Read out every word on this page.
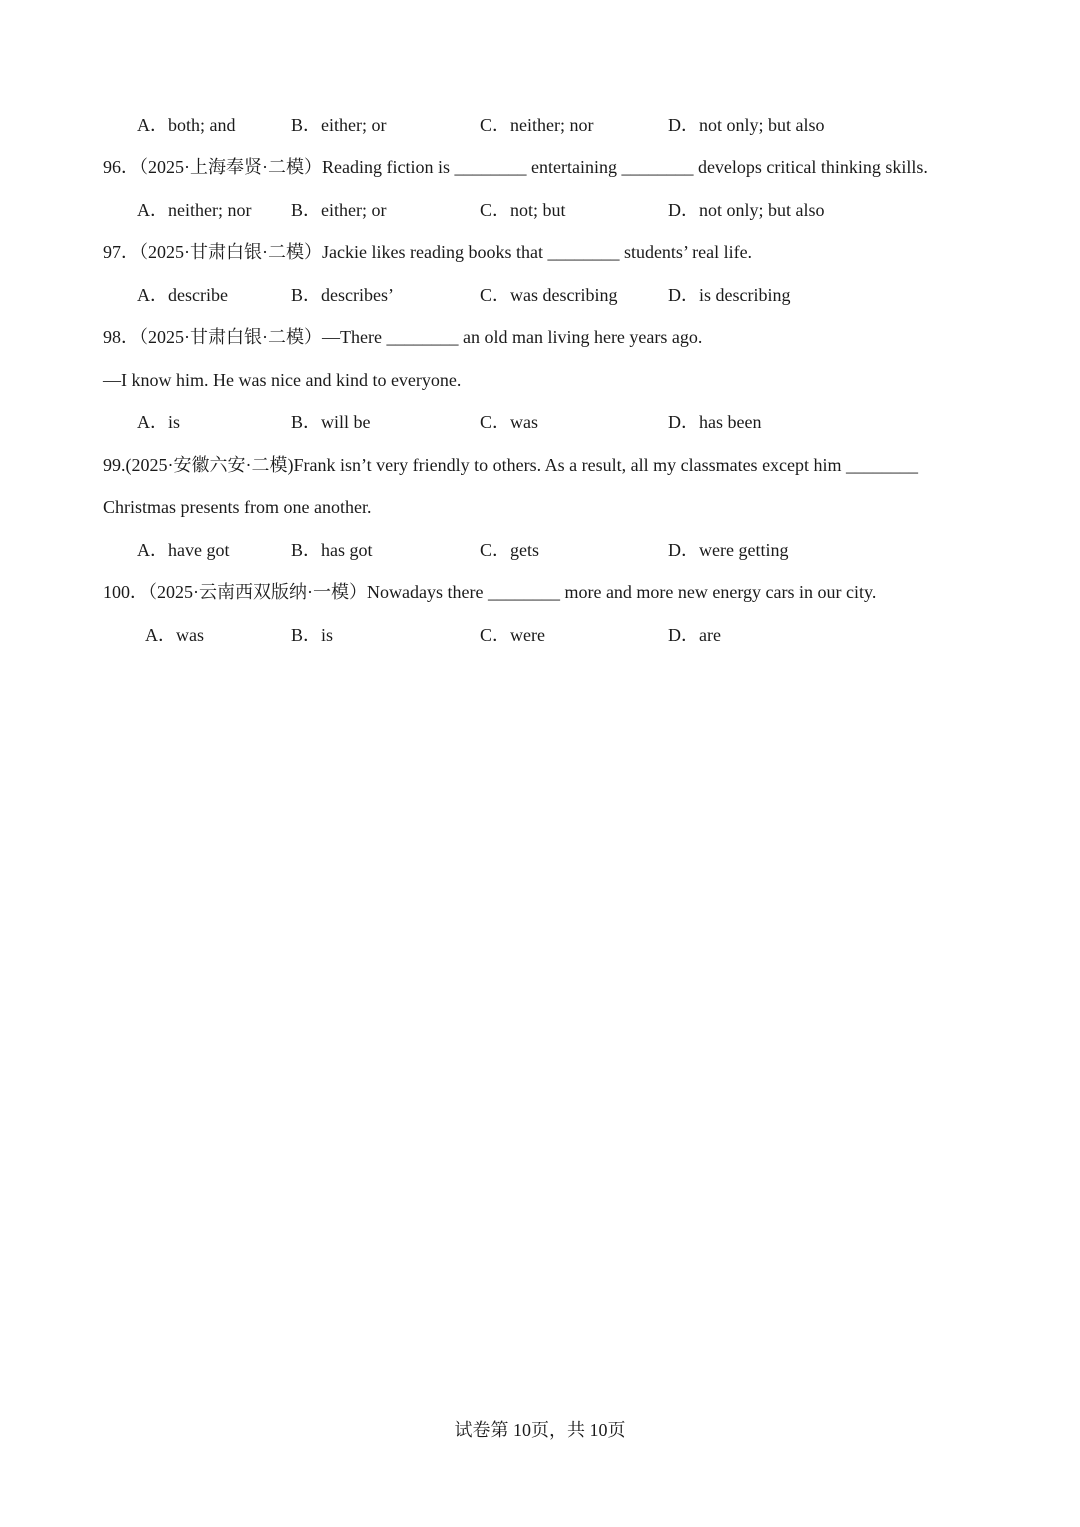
A．both; and	B．either; or	C．neither; nor	D．not only; but also
96．（2025·上海奉贤·二模）Reading fiction is ________ entertaining ________ develops critical thinking skills.
A．neither; nor B．either; or	C．not; but	D．not only; but also
97．（2025·甘肃白银·二模）Jackie likes reading books that ________ students’ real life.
A．describe	B．describes’	C．was describing	D．is describing
98．（2025·甘肃白银·二模）—There ________ an old man living here years ago.
—I know him. He was nice and kind to everyone.
A．is	B．will be	C．was	D．has been
99.(2025·安徽六安·二模)Frank isn’t very friendly to others. As a result, all my classmates except him ________
Christmas presents from one another.
A．have got	B．has got	C．gets	D．were getting
100．（2025·云南西双版纳·一模）Nowadays there ________ more and more new energy cars in our city.
A．was	B．is	C．were	D．are
试卷第 10页，共 10页
